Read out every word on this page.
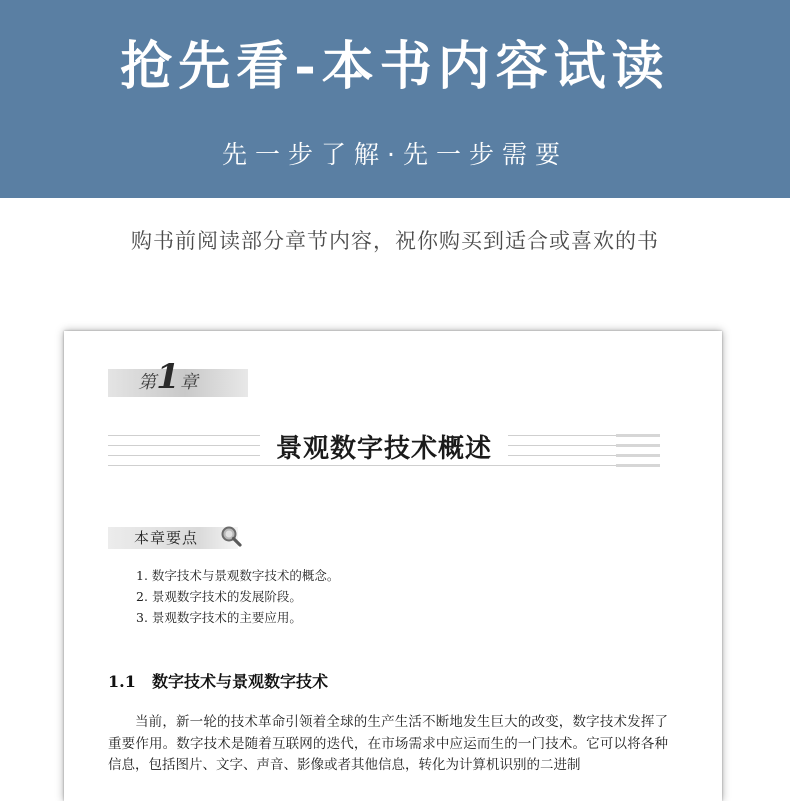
抢先看-本书内容试读
先一步了解·先一步需要
购书前阅读部分章节内容，祝你购买到适合或喜欢的书
第1章
景观数字技术概述
本章要点
1. 数字技术与景观数字技术的概念。
2. 景观数字技术的发展阶段。
3. 景观数字技术的主要应用。
1.1 数字技术与景观数字技术
当前，新一轮的技术革命引领着全球的生产生活不断地发生巨大的改变，数字技术发挥了重要作用。数字技术是随着互联网的迭代，在市场需求中应运而生的一门技术。它可以将各种信息，包括图片、文字、声音、影像或者其他信息，转化为计算机识别的二进制
